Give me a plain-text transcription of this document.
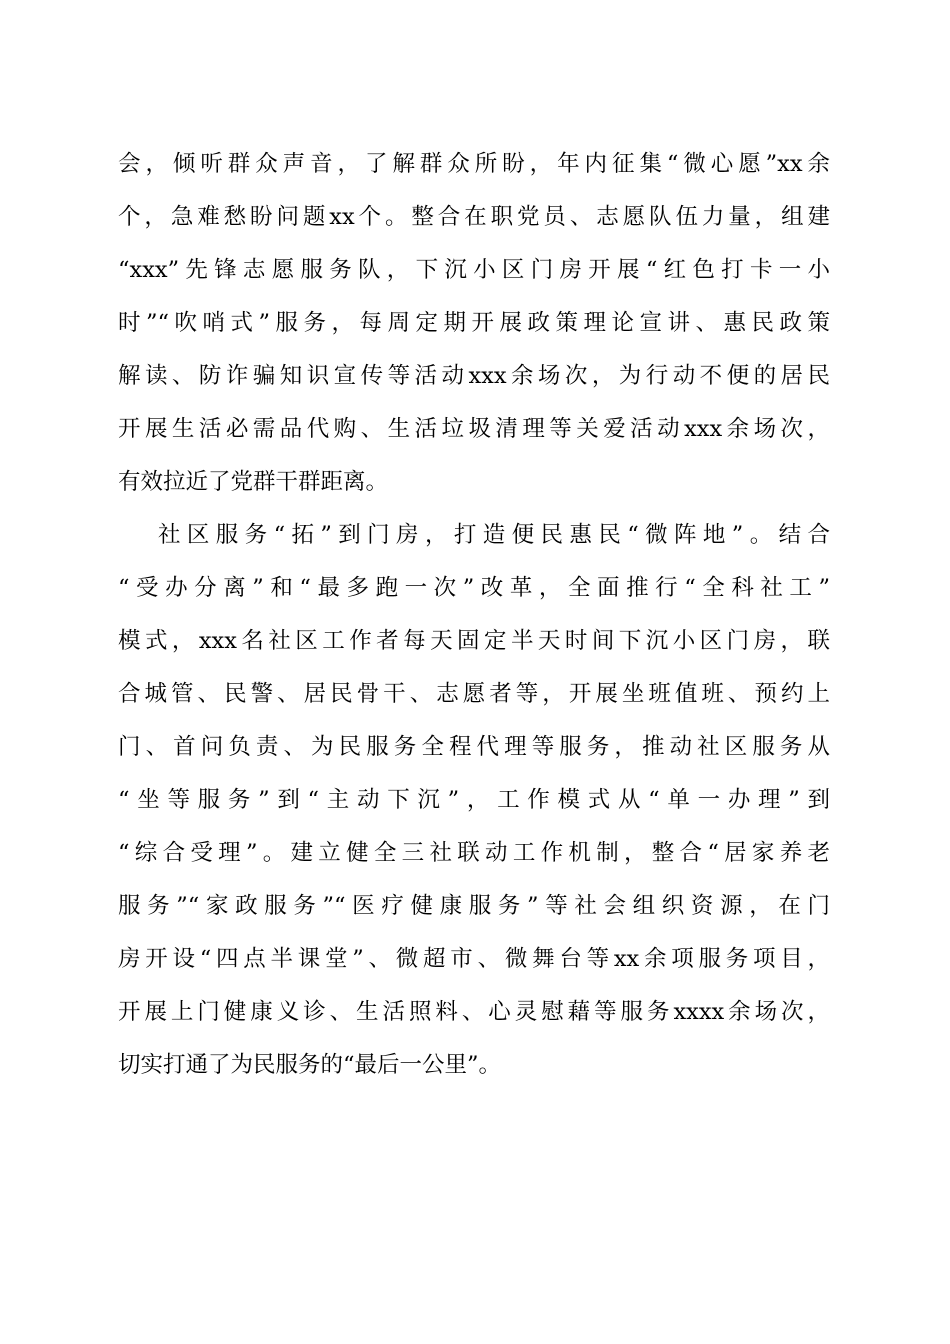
会，倾听群众声音，了解群众所盼，年内征集“微心愿”xx余
个，急难愁盼问题xx个。整合在职党员、志愿队伍力量，组建
“xxx”先锋志愿服务队，下沉小区门房开展“红色打卡一小
时”“吹哨式”服务，每周定期开展政策理论宣讲、惠民政策
解读、防诈骗知识宣传等活动xxx余场次，为行动不便的居民
开展生活必需品代购、生活垃圾清理等关爱活动xxx余场次，
有效拉近了党群干群距离。
社区服务“拓”到门房，打造便民惠民“微阵地”。结合
“受办分离”和“最多跑一次”改革，全面推行“全科社工”
模式，xxx名社区工作者每天固定半天时间下沉小区门房，联
合城管、民警、居民骨干、志愿者等，开展坐班值班、预约上
门、首问负责、为民服务全程代理等服务，推动社区服务从
“坐等服务”到“主动下沉”，工作模式从“单一办理”到
“综合受理”。建立健全三社联动工作机制，整合“居家养老
服务”“家政服务”“医疗健康服务”等社会组织资源，在门
房开设“四点半课堂”、微超市、微舞台等xx余项服务项目，
开展上门健康义诊、生活照料、心灵慰藉等服务xxxx余场次，
切实打通了为民服务的“最后一公里”。
